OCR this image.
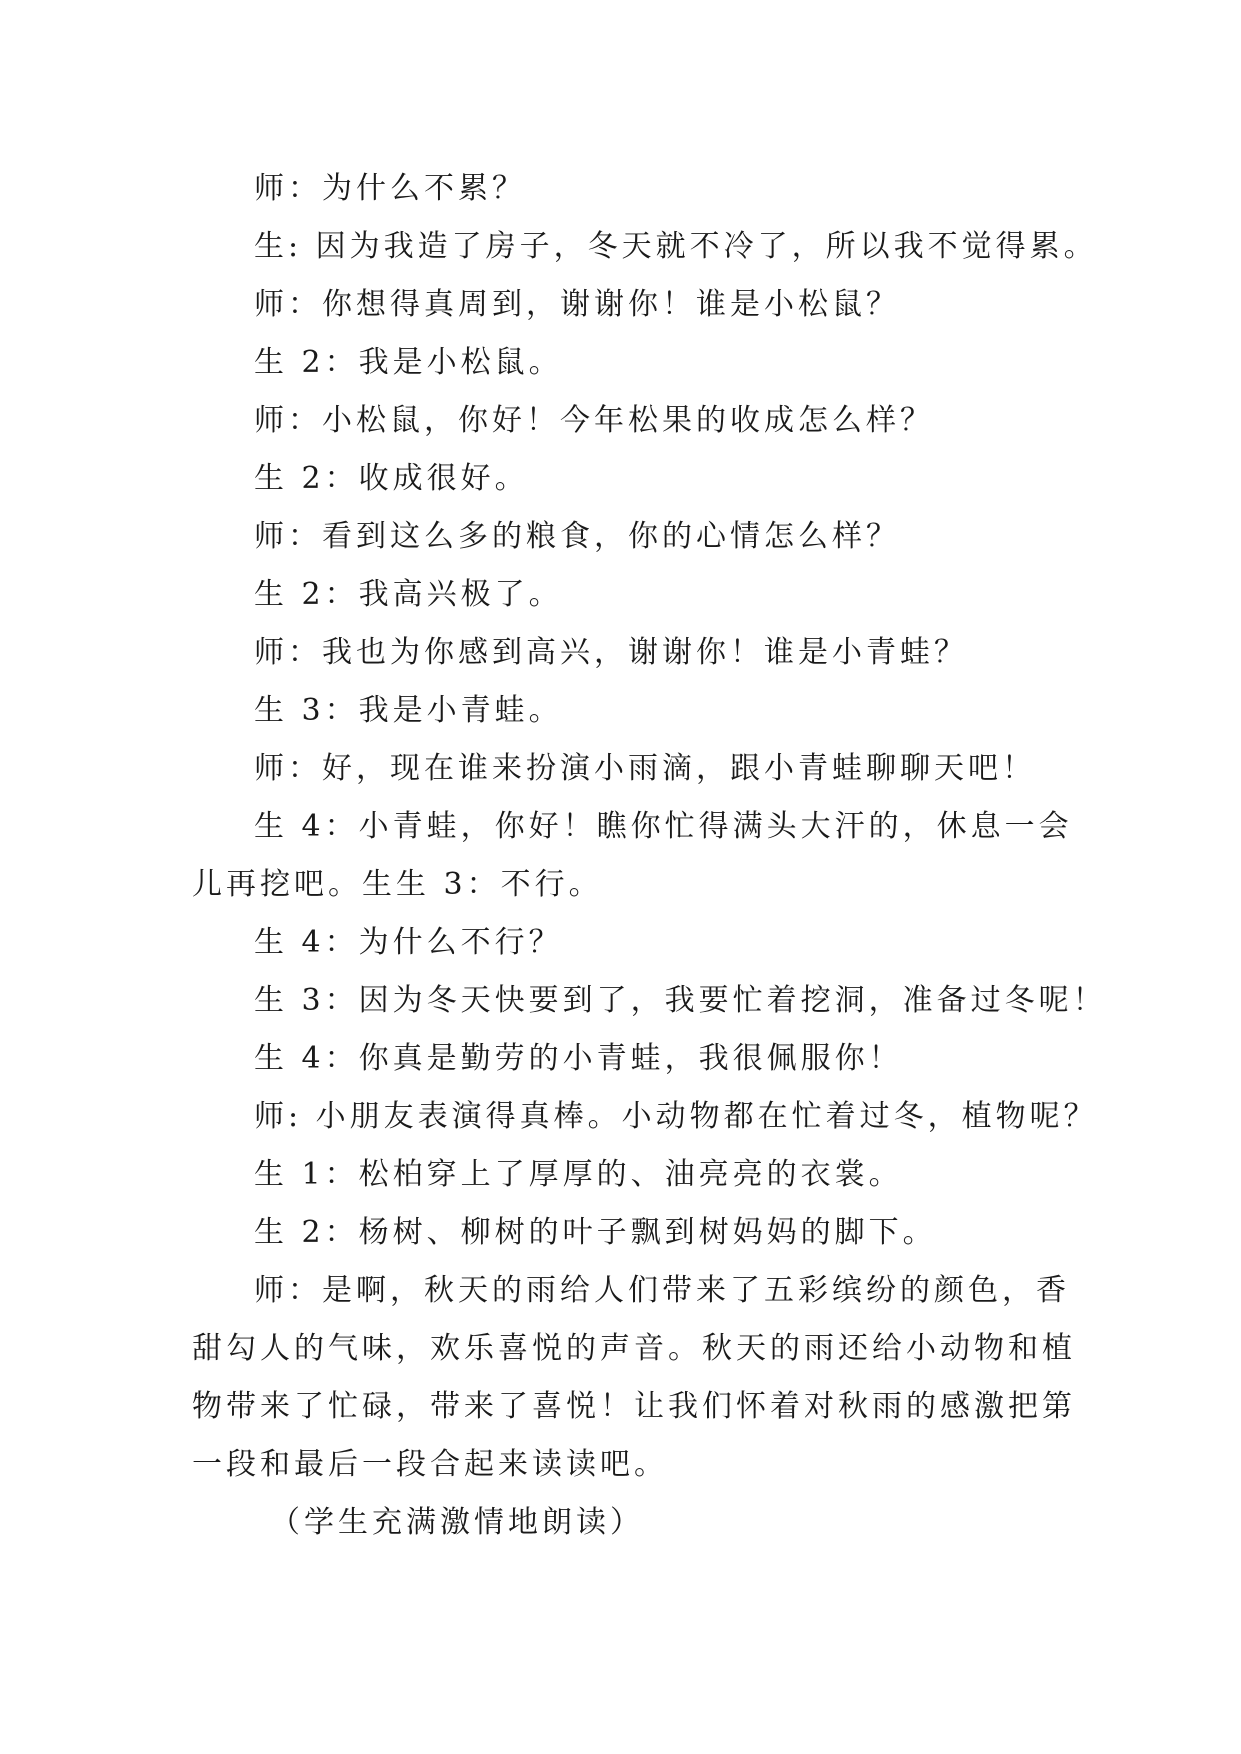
师：为什么不累？
生: 因为我造了房子，冬天就不冷了，所以我不觉得累。
师：你想得真周到，谢谢你！谁是小松鼠？
生 2：我是小松鼠。
师：小松鼠，你好！今年松果的收成怎么样？
生 2：收成很好。
师：看到这么多的粮食，你的心情怎么样？
生 2：我高兴极了。
师：我也为你感到高兴，谢谢你！谁是小青蛙？
生 3：我是小青蛙。
师：好，现在谁来扮演小雨滴，跟小青蛙聊聊天吧！
生 4：小青蛙，你好！瞧你忙得满头大汗的，休息一会
儿再挖吧。生生 3：不行。
生 4：为什么不行？
生 3：因为冬天快要到了，我要忙着挖洞，准备过冬呢！
生 4：你真是勤劳的小青蛙，我很佩服你！
师: 小朋友表演得真棒。小动物都在忙着过冬，植物呢？
生 1：松柏穿上了厚厚的、油亮亮的衣裳。
生 2：杨树、柳树的叶子飘到树妈妈的脚下。
师：是啊，秋天的雨给人们带来了五彩缤纷的颜色，香
甜勾人的气味，欢乐喜悦的声音。秋天的雨还给小动物和植
物带来了忙碌，带来了喜悦！让我们怀着对秋雨的感激把第
一段和最后一段合起来读读吧。
（学生充满激情地朗读）
